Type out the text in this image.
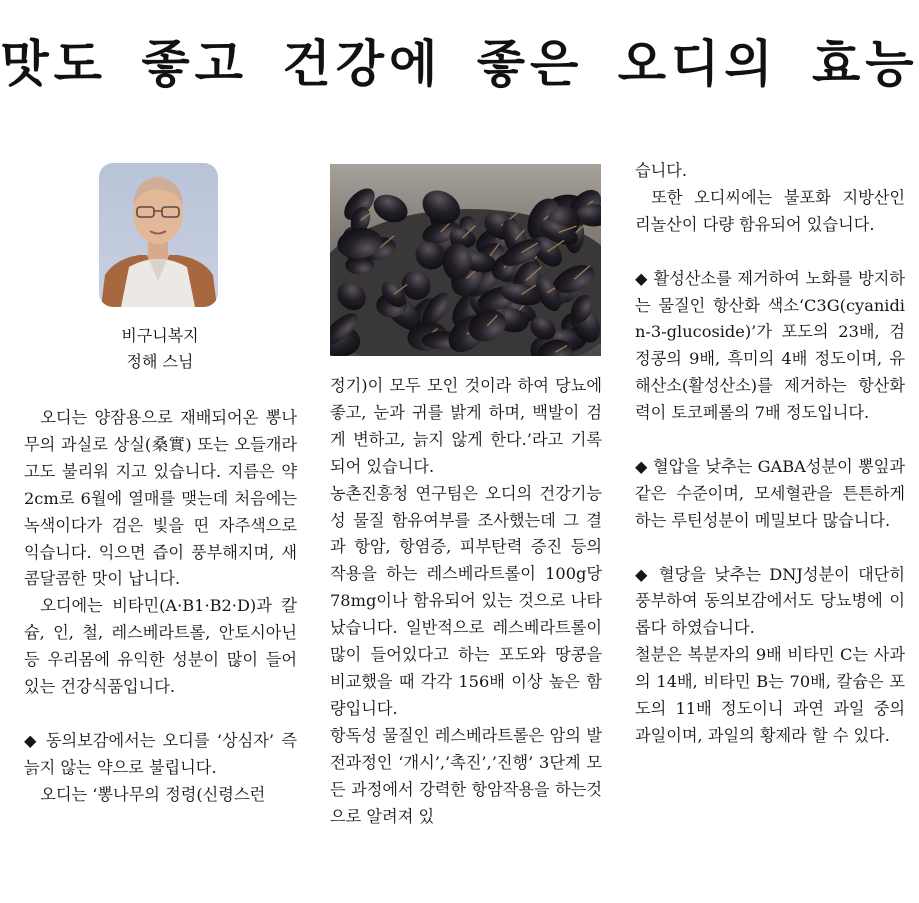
맛도 좋고 건강에 좋은 오디의 효능
비구니복지
정해 스님

오디는 양잠용으로 재배되어온 뽕나무의 과실로 상실(桑實) 또는 오들개라고도 불리워 지고 있습니다. 지름은 약2cm로 6월에 열매를 맺는데 처음에는 녹색이다가 검은 빛을 띤 자주색으로 익습니다. 익으면 즙이 풍부해지며, 새콤달콤한 맛이 납니다.

오디에는 비타민(A·B1·B2·D)과 칼슘, 인, 철, 레스베라트롤, 안토시아닌 등 우리몸에 유익한 성분이 많이 들어있는 건강식품입니다.

◆ 동의보감에서는 오디를 ‘상심자’ 즉 늙지 않는 약으로 불립니다.

오디는 ‘뽕나무의 정령(신령스런

정기)이 모두 모인 것이라 하여 당뇨에 좋고, 눈과 귀를 밝게 하며, 백발이 검게 변하고, 늙지 않게 한다.’라고 기록되어 있습니다.

농촌진흥청 연구팀은 오디의 건강기능성 물질 함유여부를 조사했는데 그 결과 항암, 항염증, 피부탄력 증진 등의 작용을 하는 레스베라트롤이 100g당 78mg이나 함유되어 있는 것으로 나타났습니다. 일반적으로 레스베라트롤이 많이 들어있다고 하는 포도와 땅콩을 비교했을 때 각각 156배 이상 높은 함량입니다.

항독성 물질인 레스베라트롤은 암의 발전과정인 ‘개시’,’촉진’,’진행’ 3단계 모든 과정에서 강력한 항암작용을 하는것으로 알려져 있

습니다.

또한 오디씨에는 불포화 지방산인 리놀산이 다량 함유되어 있습니다.

◆ 활성산소를 제거하여 노화를 방지하는 물질인 항산화 색소‘C3G(cyanidin-3-glucoside)’가 포도의 23배, 검정콩의 9배, 흑미의 4배 정도이며, 유해산소(활성산소)를 제거하는 항산화력이 토코페롤의 7배 정도입니다.

◆ 혈압을 낮추는 GABA성분이 뽕잎과 같은 수준이며, 모세혈관을 튼튼하게 하는 루틴성분이 메밀보다 많습니다.

◆ 혈당을 낮추는 DNJ성분이 대단히 풍부하여 동의보감에서도 당뇨병에 이롭다 하였습니다.

철분은 복분자의 9배 비타민 C는 사과의 14배, 비타민 B는 70배, 칼슘은 포도의 11배 정도이니 과연 과일 중의 과일이며, 과일의 황제라 할 수 있다.
